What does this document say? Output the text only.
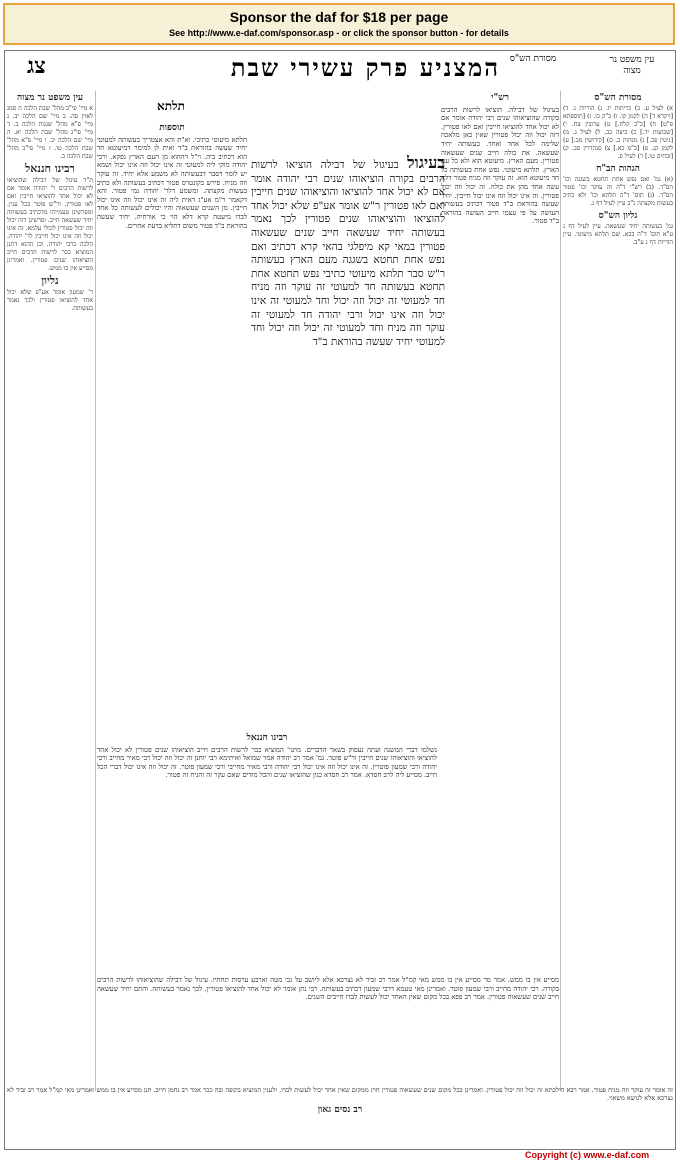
Sponsor the daf for $18 per page
See http://www.e-daf.com/sponsor.asp - or click the sponsor button - for details
מסורת הש"ס
המצניע פרק עשירי שבת
צג	עין משפט נר מצוה
מסורת הש"ס

א) לעיל ע. ב) כריתות יז. ג) הוריות ג. ד) [ויקרא ד] ה) לקמן קו. ו) ב"ק כו. ז) [תוספתא פ"ט] ח) [ב"ב קלח.] ט) ערובין צח. י) [שבועות יד.] כ) ביצה כב. ל) לעיל ג. מ) [גיטין פב.] נ) מנחות כ. ס) [קידושין מב.] ע) לקמן קג. פ) [ב"מ כא.] צ) סנהדרין סב. ק) [זבחים טו.] ר) לעיל פ.

הגהות הב"ח

(א) גמ' ואם נפש אחת תחטא בשגגה וכו' הס"ד. (ב) רש"י ד"ה זה עוקר וכו' פטור הס"ד. (ג) תוס' ד"ה תלתא וכו' ולא כתיב בעשות מקצתה נ"ב עיין לעיל דף ג.

גליון הש"ס

גמ' בעשותה יחיד שעשאה. עיין לעיל דף ג ע"א תוס' ד"ה בבא. שם תלתא מיעוטי. עיין הוריות דף ג ע"ב.

רש"י

בעיגול של דבילה. הוציאו לרשות הרבים בקורה שהוציאוהו שנים רבי יהודה אומר אם לא יכול אחד להוציאו חייבין ואם לאו פטורין. דזה יכול וזה יכול פטורין שאין כאן מלאכה שלימה לכל אחד ואחד. בעשותה יחיד שעשאה. את כולה חייב שנים שעשאוה פטורין. מעם הארץ. מיעוטא הוא ולא כל עם הארץ. תלתא מיעוטי. נפש אחת בעשותה כל חד מיעוטא הוא. זה עוקר וזה מניח פטור דלא עשה אחד מהן את כולה. זה יכול וזה יכול פטורין. זה אינו יכול וזה אינו יכול חייבין. יחיד שעשה בהוראת ב"ד פטור דכתיב בעשותה העושה על פי עצמו חייב העושה בהוראת ב"ד פטור.

בעיגול בעיגול של דבילה הוציאו לרשות הרבים בקורה הוציאוהו שנים רבי יהודה אומר אם לא יכול אחד להוציאו והוציאוהו שנים חייבין ואם לאו פטורין ר"ש אומר אע"פ שלא יכול אחד להוציאו והוציאוהו שנים פטורין לכך נאמר בעשותה יחיד שעשאה חייב שנים שעשאוה פטורין במאי קא מיפלגי בהאי קרא דכתיב ואם נפש אחת תחטא בשגגה מעם הארץ בעשותה ר"ש סבר תלתא מיעוטי כתיבי נפש תחטא אחת תחטא בעשותה חד למעוטי זה עוקר וזה מניח חד למעוטי זה יכול וזה יכול וחד למעוטי זה אינו יכול וזה אינו יכול ורבי יהודה חד למעוטי זה עוקר וזה מניח וחד למעוטי זה יכול וזה יכול וחד למעוטי יחיד שעשה בהוראת ב"ד
תלתא
תוספות

תלתא מיעוטי כתיבי. וא"ת והא אצטריך בעשותה למעוטי יחיד שעשה בהוראת ב"ד ואית לן למימר דמיעוטא חד הוא דכתיב ביה. וי"ל דההוא מן העם הארץ נפקא. ורבי יהודה מוקי ליה למעוטי זה אינו יכול וזה אינו יכול ושמא יש לומר דסבר דבעשותה לא משמע אלא יחיד. זה עוקר וזה מניח. פירש בקונטרס פטור דכתיב בעשותה ולא כתיב בעשות מקצתה. ומשמע דלר' יהודה נמי פטור. והא דקאמר ר"מ אע"ג דאית ליה זה אינו יכול וזה אינו יכול חייבין. מן השנים שעשאוה והיו יכולים לעשותה כל אחד לבדו מיעטה קרא דלא הוי כי אורחיה. יחיד שעשה בהוראת ב"ד פטור משום דתליא בדעת אחרים.

רבינו חננאל

נשלמו דברי המשנה ועתה נעסוק בשאר הדברים. מתני' המוציא ככר לרשות הרבים חייב הוציאוהו שנים פטורין לא יכול אחד להוציאו והוציאוהו שנים חייבין ור"ש פוטר. גמ' אמר רב יהודה אמר שמואל ואיתימא רבי יוחנן זה יכול וזה יכול רבי מאיר מחייב ורבי יהודה ורבי שמעון פוטרין. זה אינו יכול וזה אינו יכול רבי יהודה ורבי מאיר מחייבי ורבי שמעון פוטר. זה יכול וזה אינו יכול דברי הכל חייב. מסייע ליה לרב חסדא. אמר רב חסדא כגון שהוציאו שנים והכל מודים שאם עקר זה והניח זה פטור.

מסייע אין בו ממש. אמר מר מסייע אין בו ממש מאי קמ"ל אמר רב זביד לא נצרכא אלא ליושב על גבי מטה וארבע ערסות תחתיו. עיגול של דבילה שהוציאוהו לרשות הרבים בקורה. רבי יהודה מחייב ורבי שמעון פוטר. ואמרינן מאי טעמא דרבי שמעון דכתיב בעשותה. רבי נתן אומר לא יכול אחד להוציאו פטורין. לכך נאמר בעשותה. והתם יחיד שעשאה חייב שנים שעשאוה פטורין. אמר רב פפא בכל מקום שאין האחד יכול לעשות לבדו חייבים השנים.

עין משפט נר מצוה

א מיי' פי"ב מהל' שבת הלכה ה סמג לאוין סה. ב מיי' שם הלכה יב. ג מיי' פ"א מהל' שגגות הלכה ב. ד מיי' פי"ג מהל' שבת הלכה יא. ה מיי' שם הלכה יב. ו מיי' פ"א מהל' שבת הלכה טו. ז מיי' פי"ב מהל' שבת הלכה ב.

רבינו חננאל

ת"ר עיגול של דבילה שהוציאו לרשות הרבים ר' יהודה אומר אם לא יכול אחד להוציאו חייבין ואם לאו פטורין. ור"ש פוטר בכל ענין. ומפרשינן טעמייהו מדכתיב בעשותה יחיד שעשאה חייב. ופרשינן דזה יכול וזה יכול פטורין לכולי עלמא. זה אינו יכול וזה אינו יכול חייבין לר' יהודה. הלכה כרבי יהודה. וכן ההוא דתנן המוציא ככר לרשות הרבים חייב הוציאוהו שנים פטורין. ואמרינן מסייע אין בו ממש.

נליון

ר' שמעון אומר אע"פ שלא יכול אחד להוציאו פטורין ולכך נאמר בעשותה.

זה אומר זה עוקר וזה מניח פטור. אמר רבא הילכתא זה יכול וזה יכול פטורין. ואמרינן בכל מקום שנים שעשאוה פטורין חוץ ממקום שאין אחד יכול לעשות לבדו. ולענין המוציא בקופה ובה ככר אמר רב נחמן חייב. תנן מסייע אין בו ממש ואמרינן מאי קמ"ל אמר רב זביד לא נצרכא אלא לנושא משאוי.

רב נסים גאון

Copyright (c) www.e-daf.com
